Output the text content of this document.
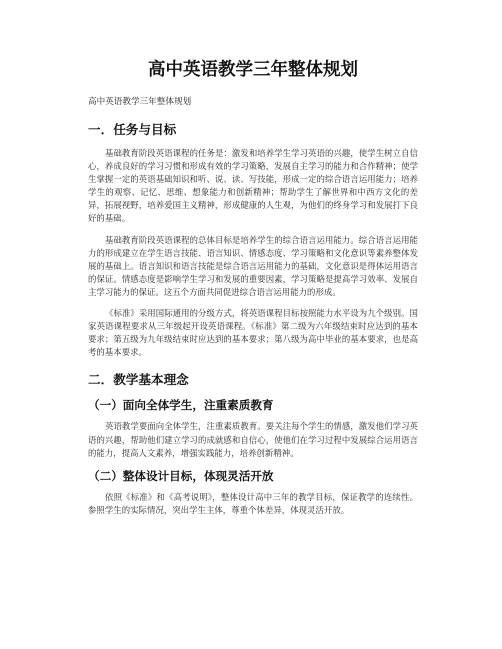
高中英语教学三年整体规划
高中英语教学三年整体规划
一．任务与目标

基础教育阶段英语课程的任务是：激发和培养学生学习英语的兴趣，使学生树立自信心，养成良好的学习习惯和形成有效的学习策略，发展自主学习的能力和合作精神；使学生掌握一定的英语基础知识和听、说、读、写技能，形成一定的综合语言运用能力；培养学生的观察、记忆、思维、想象能力和创新精神；帮助学生了解世界和中西方文化的差异，拓展视野，培养爱国主义精神，形成健康的人生观，为他们的终身学习和发展打下良好的基础。

基础教育阶段英语课程的总体目标是培养学生的综合语言运用能力。综合语言运用能力的形成建立在学生语言技能、语言知识、情感态度、学习策略和文化意识等素养整体发展的基础上。语言知识和语言技能是综合语言运用能力的基础，文化意识是得体运用语言的保证。情感态度是影响学生学习和发展的重要因素，学习策略是提高学习效率、发展自主学习能力的保证。这五个方面共同促进综合语言运用能力的形成。

《标准》采用国际通用的分级方式，将英语课程目标按照能力水平设为九个级别。国家英语课程要求从三年级起开设英语课程。《标准》第二级为六年级结束时应达到的基本要求；第五级为九年级结束时应达到的基本要求；第八级为高中毕业的基本要求，也是高考的基本要求。

二．教学基本理念
（一）面向全体学生，注重素质教育

英语教学要面向全体学生，注重素质教育。要关注每个学生的情感，激发他们学习英语的兴趣，帮助他们建立学习的成就感和自信心，使他们在学习过程中发展综合运用语言的能力，提高人文素养，增强实践能力，培养创新精神。

（二）整体设计目标，体现灵活开放

依照《标准》和《高考说明》，整体设计高中三年的教学目标，保证教学的连续性。参照学生的实际情况，突出学生主体，尊重个体差异，体现灵活开放。
